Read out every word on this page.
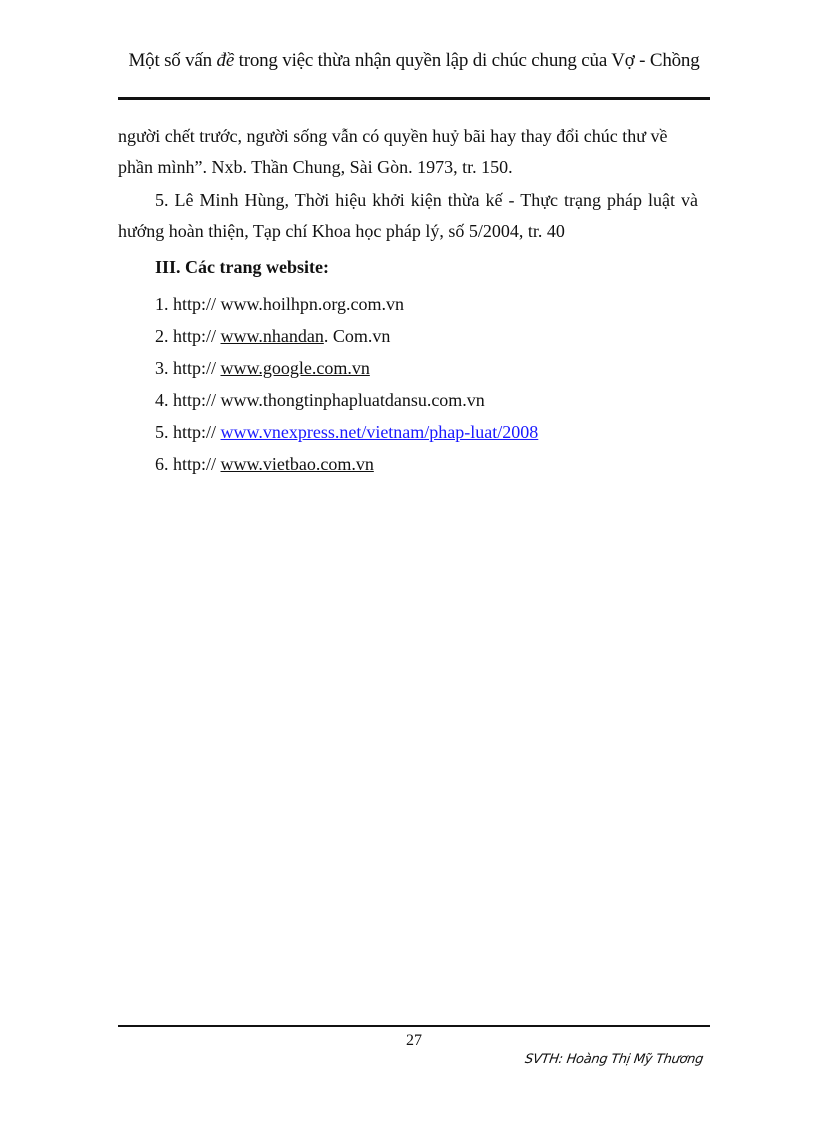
Một số vấn đề trong việc thừa nhận quyền lập di chúc chung của Vợ - Chồng

người chết trước, người sống vẫn có quyền huỷ bãi hay thay đổi chúc thư về

phần mình”. Nxb. Thần Chung, Sài Gòn. 1973, tr. 150.

5. Lê Minh Hùng, Thời hiệu khởi kiện thừa kế - Thực trạng pháp luật và hướng hoàn thiện, Tạp chí Khoa học pháp lý, số 5/2004, tr. 40

III. Các trang website:

1. http:// www.hoilhpn.org.com.vn
2. http:// www.nhandan. Com.vn
3. http:// www.google.com.vn
4. http:// www.thongtinphapluatdansu.com.vn
5. http:// www.vnexpress.net/vietnam/phap-luat/2008
6. http:// www.vietbao.com.vn
27
SVTH: Hoàng Thị Mỹ Thương
